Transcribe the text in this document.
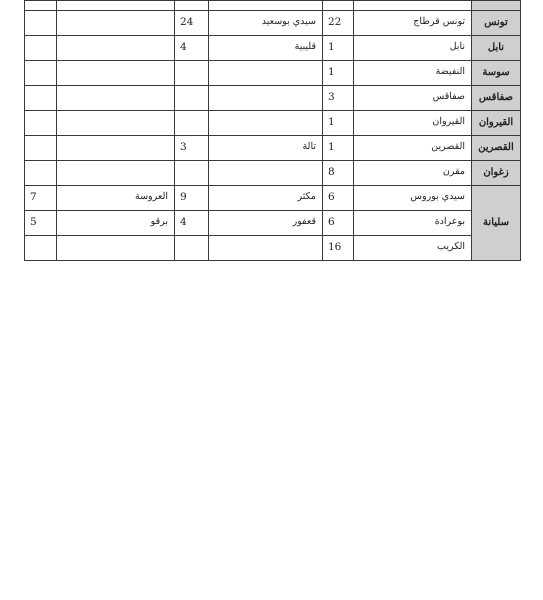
		24	سيدي بوسعيد	22	تونس قرطاج	تونس
		4	قليبية	1	نابل	نابل
				1	النفيضة	سوسة
				3	صفاقس	صفاقس
				1	القيروان	القيروان
		3	تالة	1	القصرين	القصرين
				8	مقرن	زغوان
7	العروسة	9	مكثر	6	سيدي بوروس	سليانة
5	برقو	4	قعفور	6	بوعرادة	
				16	الكريب	
